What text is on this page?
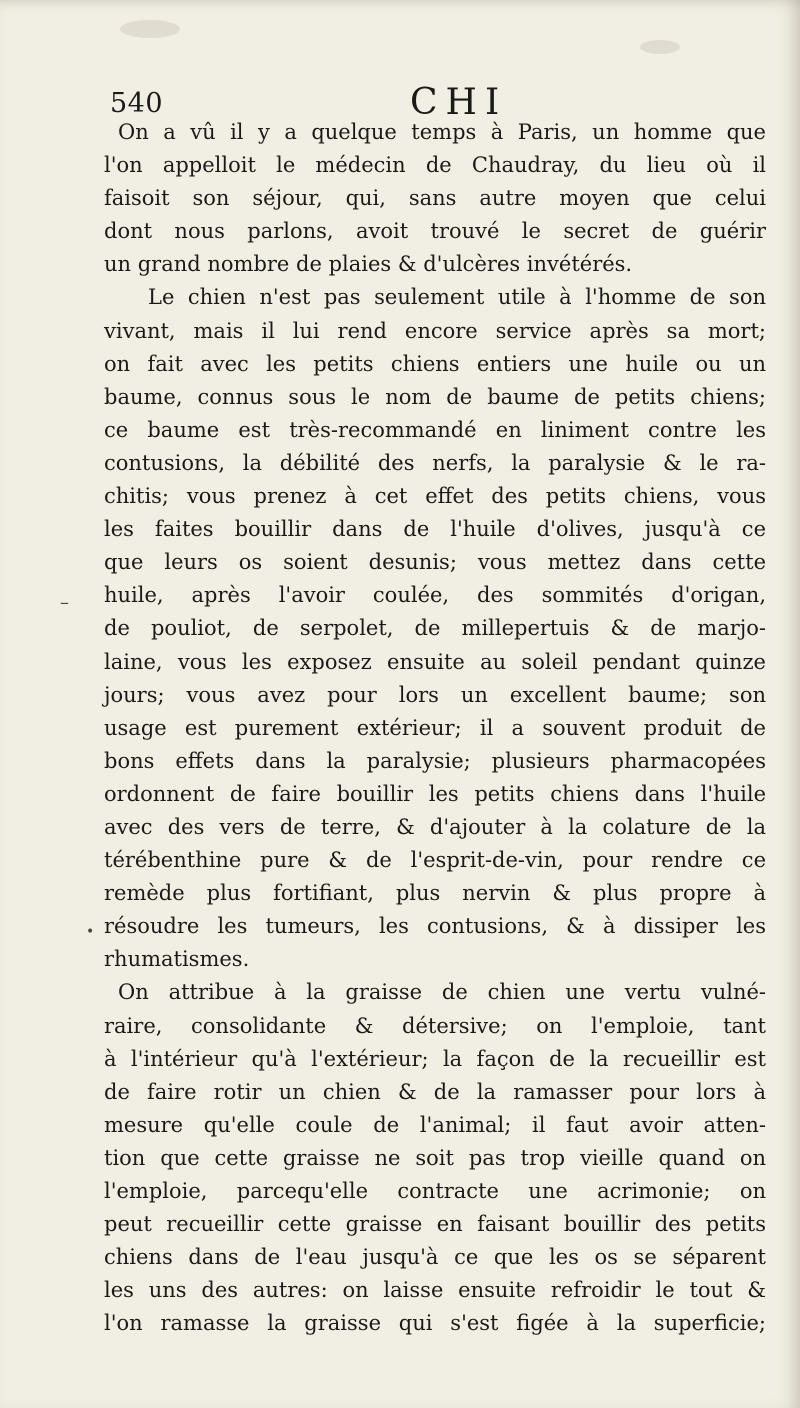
540	CHI
On a vû il y a quelque temps à Paris, un homme que
l'on appelloit le médecin de Chaudray, du lieu où il
faisoit son séjour, qui, sans autre moyen que celui
dont nous parlons, avoit trouvé le secret de guérir
un grand nombre de plaies & d'ulcères invétérés.
Le chien n'est pas seulement utile à l'homme de son
vivant, mais il lui rend encore service après sa mort;
on fait avec les petits chiens entiers une huile ou un
baume, connus sous le nom de baume de petits chiens;
ce baume est très-recommandé en liniment contre les
contusions, la débilité des nerfs, la paralysie & le ra-
chitis; vous prenez à cet effet des petits chiens, vous
les faites bouillir dans de l'huile d'olives, jusqu'à ce
que leurs os soient desunis; vous mettez dans cette
huile, après l'avoir coulée, des sommités d'origan,
de pouliot, de serpolet, de millepertuis & de marjo-
laine, vous les exposez ensuite au soleil pendant quinze
jours; vous avez pour lors un excellent baume; son
usage est purement extérieur; il a souvent produit de
bons effets dans la paralysie; plusieurs pharmacopées
ordonnent de faire bouillir les petits chiens dans l'huile
avec des vers de terre, & d'ajouter à la colature de la
térébenthine pure & de l'esprit-de-vin, pour rendre ce
remède plus fortifiant, plus nervin & plus propre à
résoudre les tumeurs, les contusions, & à dissiper les
rhumatismes.
On attribue à la graisse de chien une vertu vulné-
raire, consolidante & détersive; on l'emploie, tant
à l'intérieur qu'à l'extérieur; la façon de la recueillir est
de faire rotir un chien & de la ramasser pour lors à
mesure qu'elle coule de l'animal; il faut avoir atten-
tion que cette graisse ne soit pas trop vieille quand on
l'emploie, parcequ'elle contracte une acrimonie; on
peut recueillir cette graisse en faisant bouillir des petits
chiens dans de l'eau jusqu'à ce que les os se séparent
les uns des autres: on laisse ensuite refroidir le tout &
l'on ramasse la graisse qui s'est figée à la superficie;
–
•
